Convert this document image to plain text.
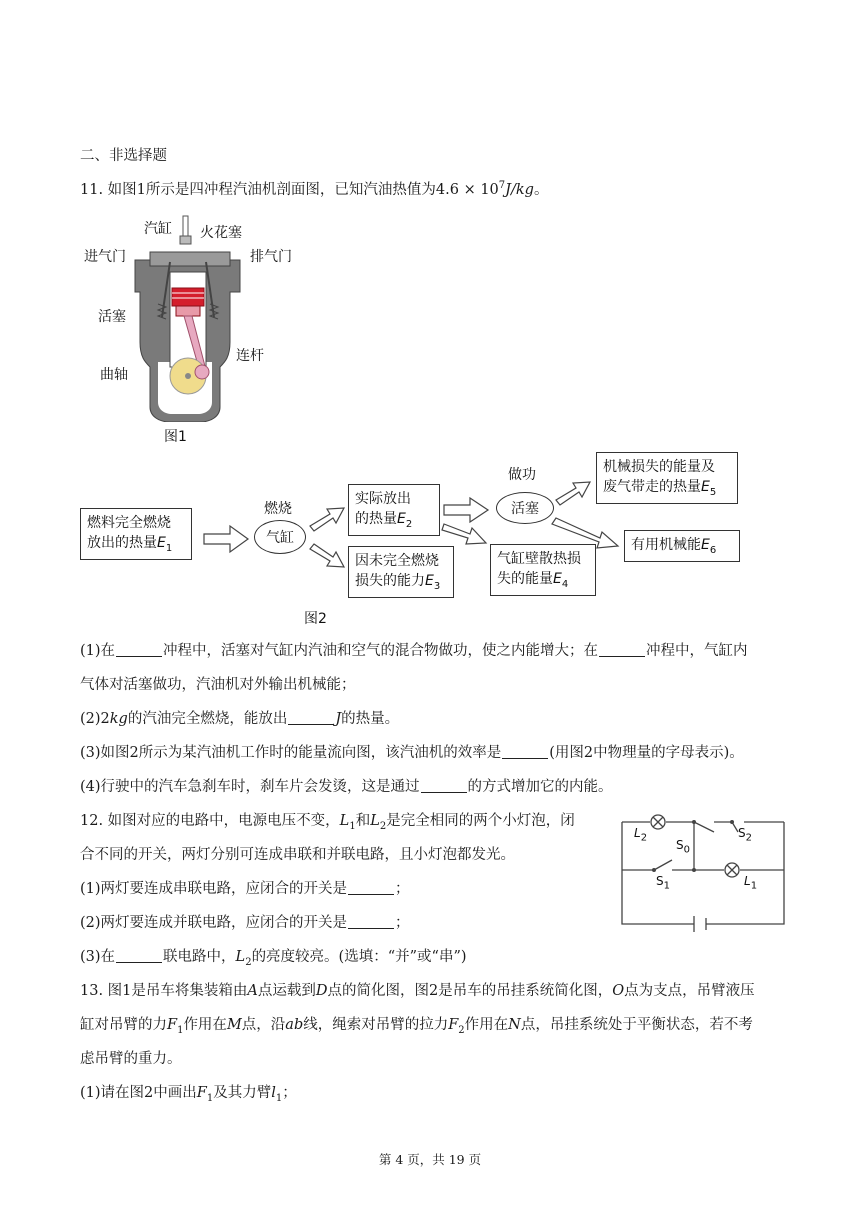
二、非选择题
11. 如图1所示是四冲程汽油机剖面图，已知汽油热值为$4.6 \times 10^7J/kg$。
汽缸 火花塞
进气门	排气门
活塞
连杆
曲轴
图1
燃料完全燃烧
放出的热量$E_1$
燃烧
气缸
实际放出
的热量$E_2$
因未完全燃烧
损失的能力$E_3$
做功
活塞
气缸壁散热损
失的能量$E_4$
机械损失的能量及
废气带走的热量$E_5$
有用机械能$E_6$
图2
(1)在	冲程中，活塞对气缸内汽油和空气的混合物做功，使之内能增大；在	冲程中，气缸内
气体对活塞做功，汽油机对外输出机械能；
(2)2kg的汽油完全燃烧，能放出	J的热量。
(3)如图2所示为某汽油机工作时的能量流向图，该汽油机的效率是	(用图2中物理量的字母表示)。
(4)行驶中的汽车急刹车时，刹车片会发烫，这是通过	的方式增加它的内能。
12. 如图对应的电路中，电源电压不变，$L_1$和$L_2$是完全相同的两个小灯泡，闭
合不同的开关，两灯分别可连成串联和并联电路，且小灯泡都发光。
(1)两灯要连成串联电路，应闭合的开关是	；
(2)两灯要连成并联电路，应闭合的开关是	；
(3)在	联电路中，$L_2$的亮度较亮。(选填：“并”或“串”)
$L_2$
$S_0$
$S_2$
$S_1$	$L_1$
13. 图1是吊车将集装箱由A点运载到D点的简化图，图2是吊车的吊挂系统简化图，O点为支点，吊臂液压
缸对吊臂的力$F_1$作用在M点，沿ab线，绳索对吊臂的拉力$F_2$作用在N点，吊挂系统处于平衡状态，若不考
虑吊臂的重力。
(1)请在图2中画出$F_1$及其力臂$l_1$；
第 4 页，共 19 页
